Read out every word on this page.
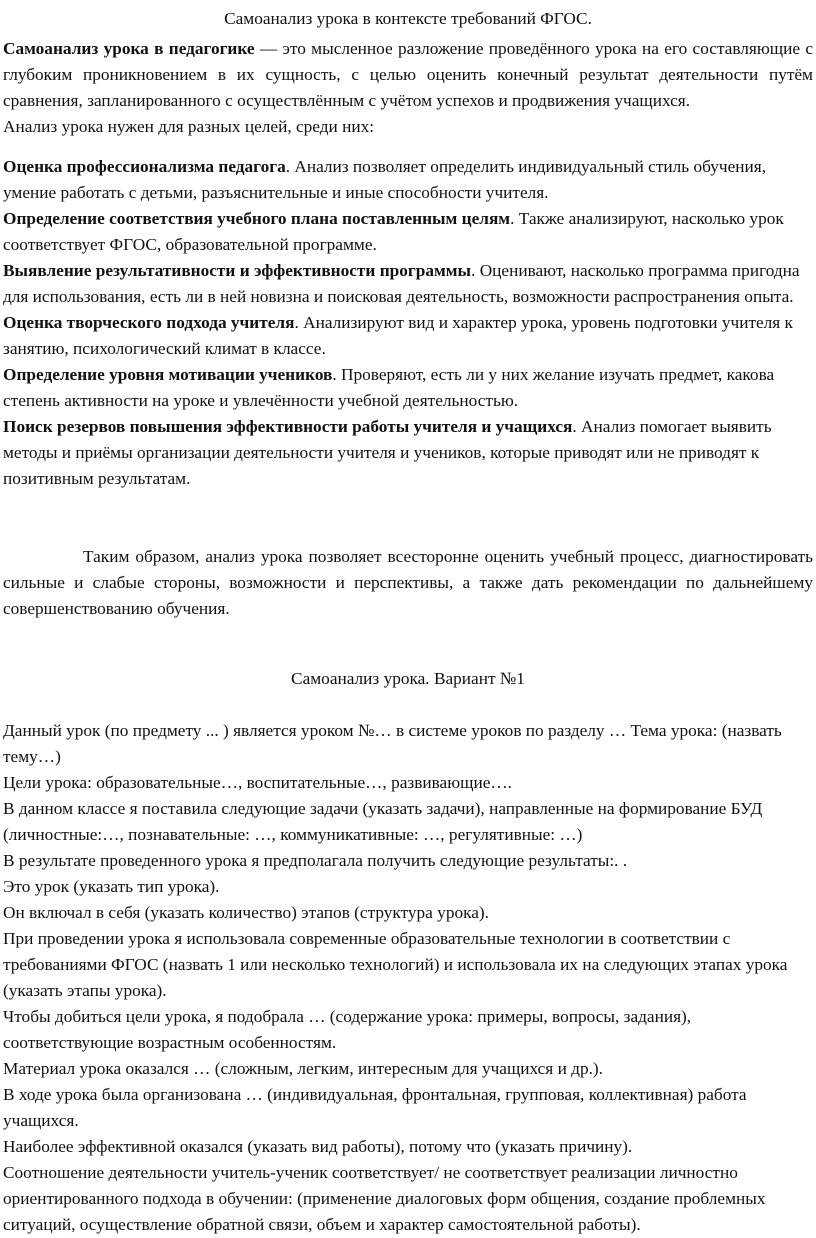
Самоанализ урока в контексте требований ФГОС.

Самоанализ урока в педагогике — это мысленное разложение проведённого урока на его составляющие с глубоким проникновением в их сущность, с целью оценить конечный результат деятельности путём сравнения, запланированного с осуществлённым с учётом успехов и продвижения учащихся.

Анализ урока нужен для разных целей, среди них:

Оценка профессионализма педагога. Анализ позволяет определить индивидуальный стиль обучения, умение работать с детьми, разъяснительные и иные способности учителя.

Определение соответствия учебного плана поставленным целям. Также анализируют, насколько урок соответствует ФГОС, образовательной программе.

Выявление результативности и эффективности программы. Оценивают, насколько программа пригодна для использования, есть ли в ней новизна и поисковая деятельность, возможности распространения опыта.

Оценка творческого подхода учителя. Анализируют вид и характер урока, уровень подготовки учителя к занятию, психологический климат в классе.

Определение уровня мотивации учеников. Проверяют, есть ли у них желание изучать предмет, какова степень активности на уроке и увлечённости учебной деятельностью.

Поиск резервов повышения эффективности работы учителя и учащихся. Анализ помогает выявить методы и приёмы организации деятельности учителя и учеников, которые приводят или не приводят к позитивным результатам.

Таким образом, анализ урока позволяет всесторонне оценить учебный процесс, диагностировать сильные и слабые стороны, возможности и перспективы, а также дать рекомендации по дальнейшему совершенствованию обучения.

Самоанализ урока. Вариант №1

Данный урок (по предмету ... ) является уроком №… в системе уроков по разделу … Тема урока: (назвать тему…)

Цели урока: образовательные…, воспитательные…, развивающие….

В данном классе я поставила следующие задачи (указать задачи), направленные на формирование БУД (личностные:…, познавательные: …, коммуникативные: …, регулятивные: …)

В результате проведенного урока я предполагала получить следующие результаты:. .

Это урок (указать тип урока).

Он включал в себя (указать количество) этапов (структура урока).

При проведении урока я использовала современные образовательные технологии в соответствии с требованиями ФГОС (назвать 1 или несколько технологий) и использовала их на следующих этапах урока (указать этапы урока).

Чтобы добиться цели урока, я подобрала … (содержание урока: примеры, вопросы, задания), соответствующие возрастным особенностям.

Материал урока оказался … (сложным, легким, интересным для учащихся и др.).

В ходе урока была организована … (индивидуальная, фронтальная, групповая, коллективная) работа учащихся.

Наиболее эффективной оказался (указать вид работы), потому что (указать причину).

Соотношение деятельности учитель-ученик соответствует/ не соответствует реализации личностно ориентированного подхода в обучении: (применение диалоговых форм общения, создание проблемных ситуаций, осуществление обратной связи, объем и характер самостоятельной работы).
